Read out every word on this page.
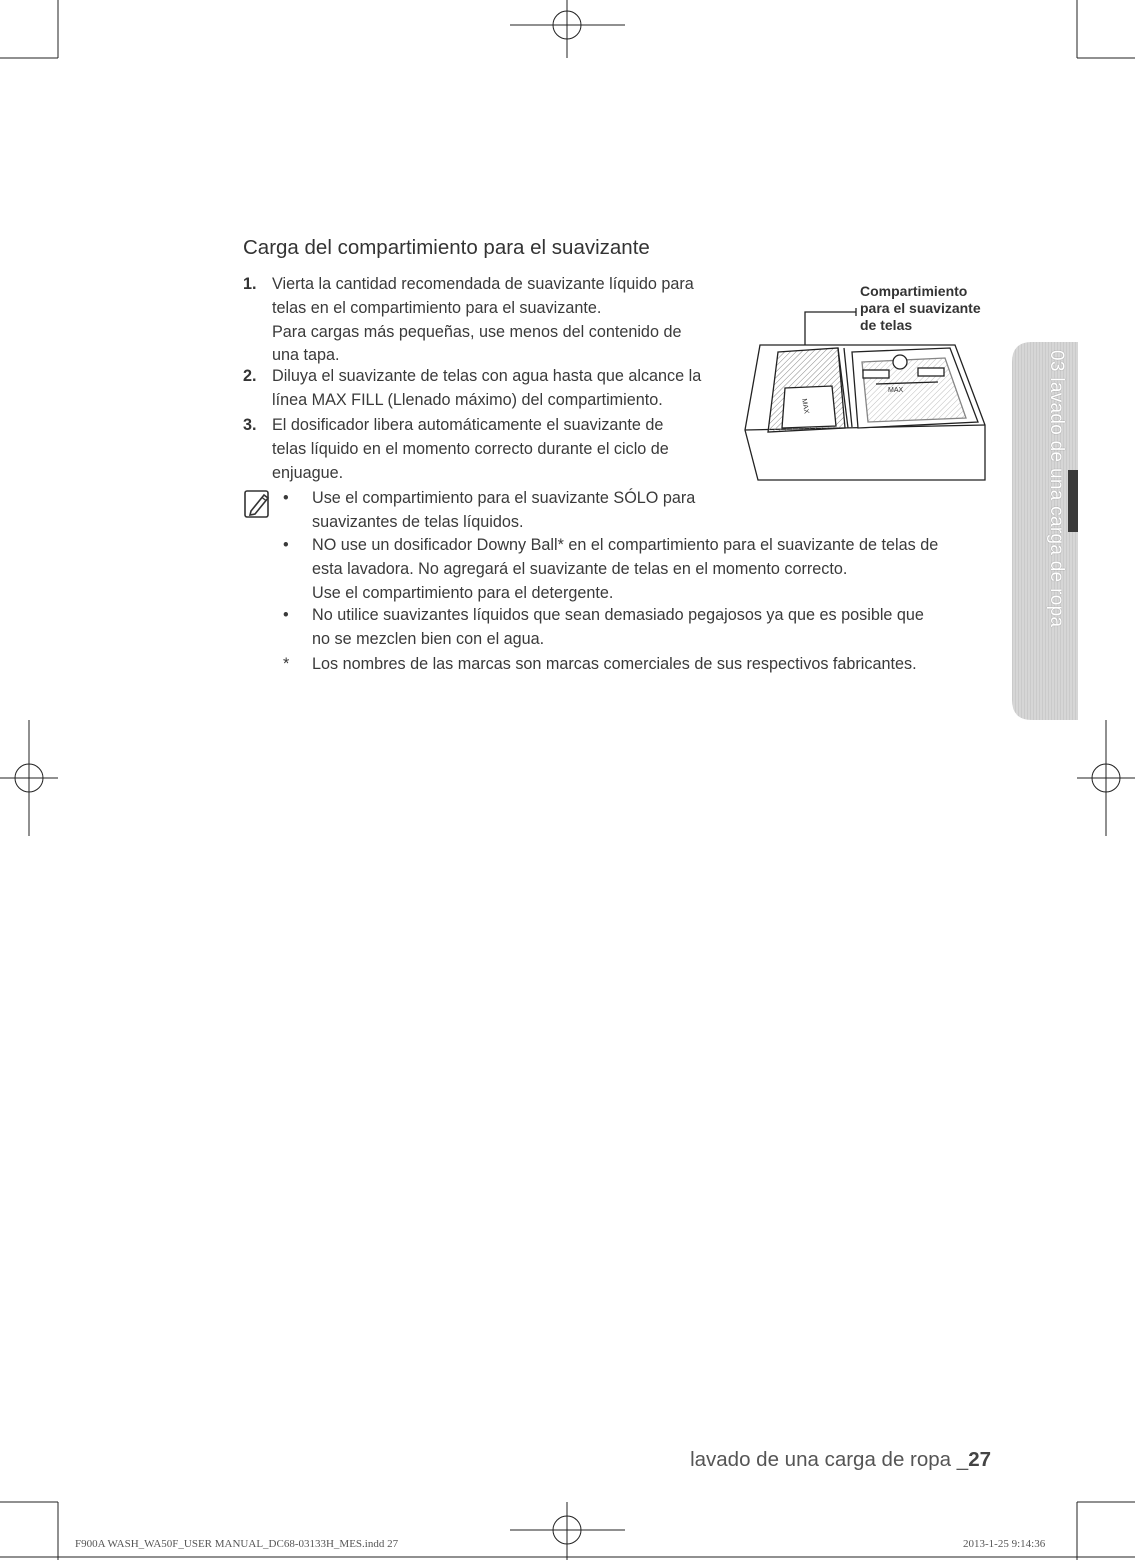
Carga del compartimiento para el suavizante
1. Vierta la cantidad recomendada de suavizante líquido para
telas en el compartimiento para el suavizante.
Para cargas más pequeñas, use menos del contenido de
una tapa.
2. Diluya el suavizante de telas con agua hasta que alcance la
línea MAX FILL (Llenado máximo) del compartimiento.
3. El dosificador libera automáticamente el suavizante de
telas líquido en el momento correcto durante el ciclo de
enjuague.
• Use el compartimiento para el suavizante SÓLO para
suavizantes de telas líquidos.
• NO use un dosificador Downy Ball* en el compartimiento para el suavizante de telas de
esta lavadora. No agregará el suavizante de telas en el momento correcto.
Use el compartimiento para el detergente.
• No utilice suavizantes líquidos que sean demasiado pegajosos ya que es posible que
no se mezclen bien con el agua.
* Los nombres de las marcas son marcas comerciales de sus respectivos fabricantes.
MAX
MAX
Compartimiento
para el suavizante
de telas
03 lavado de una carga de ropa
lavado de una carga de ropa _27
F900A WASH_WA50F_USER MANUAL_DC68-03133H_MES.indd 27	2013-1-25 9:14:36
